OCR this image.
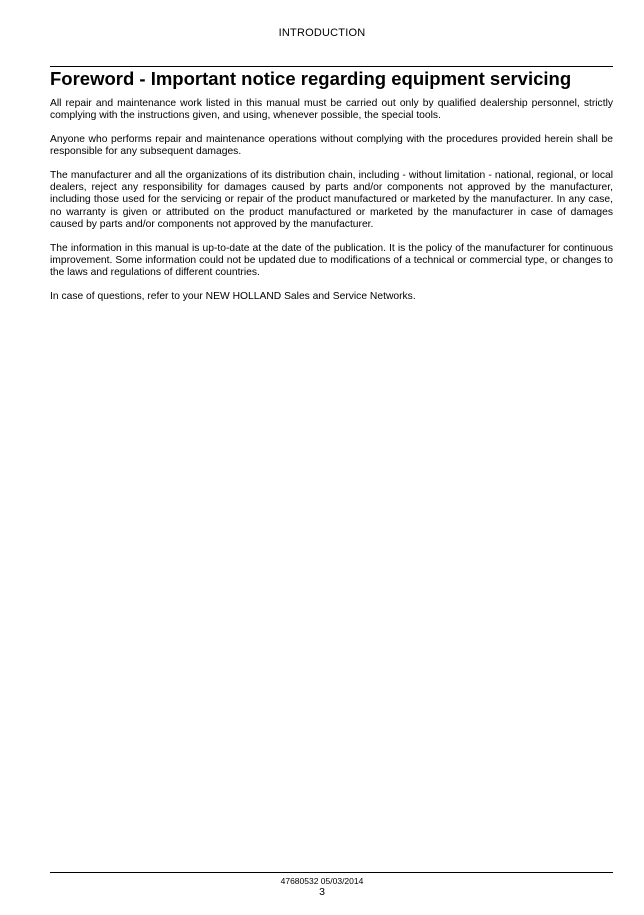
INTRODUCTION
Foreword - Important notice regarding equipment servicing

All repair and maintenance work listed in this manual must be carried out only by qualified dealership personnel, strictly complying with the instructions given, and using, whenever possible, the special tools.

Anyone who performs repair and maintenance operations without complying with the procedures provided herein shall be responsible for any subsequent damages.

The manufacturer and all the organizations of its distribution chain, including - without limitation - national, regional, or local dealers, reject any responsibility for damages caused by parts and/or components not approved by the manufacturer, including those used for the servicing or repair of the product manufactured or marketed by the manufacturer. In any case, no warranty is given or attributed on the product manufactured or marketed by the manufacturer in case of damages caused by parts and/or components not approved by the manufacturer.

The information in this manual is up-to-date at the date of the publication. It is the policy of the manufacturer for continuous improvement. Some information could not be updated due to modifications of a technical or commercial type, or changes to the laws and regulations of different countries.

In case of questions, refer to your NEW HOLLAND Sales and Service Networks.

47680532 05/03/2014
3
